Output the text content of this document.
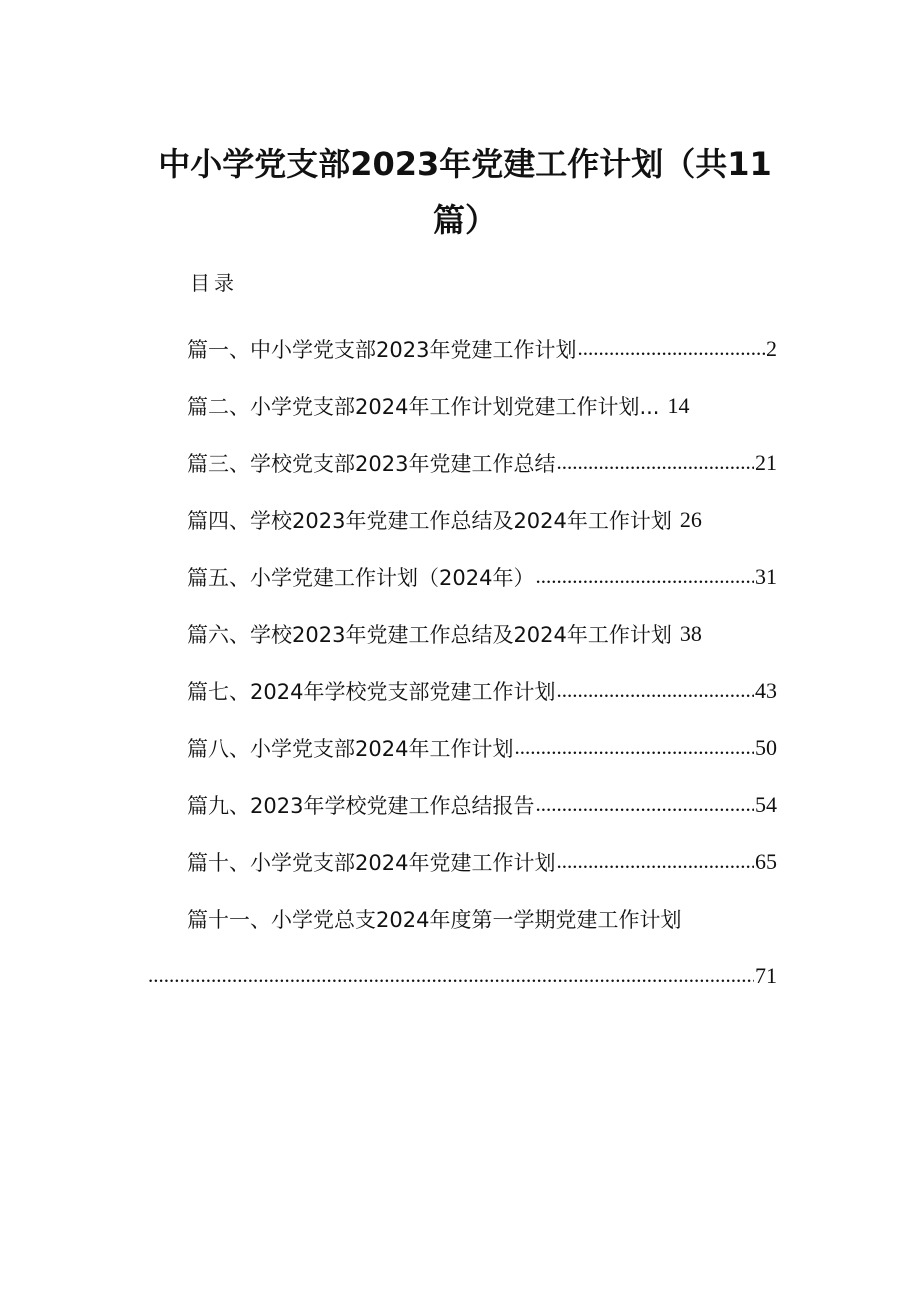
中小学党支部2023年党建工作计划（共11篇）
目录
篇一、中小学党支部2023年党建工作计划 .....	2
篇二、小学党支部2024年工作计划党建工作计划... 14
篇三、学校党支部2023年党建工作总结 .....	21
篇四、学校2023年党建工作总结及2024年工作计划 26
篇五、小学党建工作计划（2024年） .....	31
篇六、学校2023年党建工作总结及2024年工作计划 38
篇七、2024年学校党支部党建工作计划 .....	43
篇八、小学党支部2024年工作计划 .....	50
篇九、2023年学校党建工作总结报告 .....	54
篇十、小学党支部2024年党建工作计划 .....	65
篇十一、小学党总支2024年度第一学期党建工作计划
.....
71
